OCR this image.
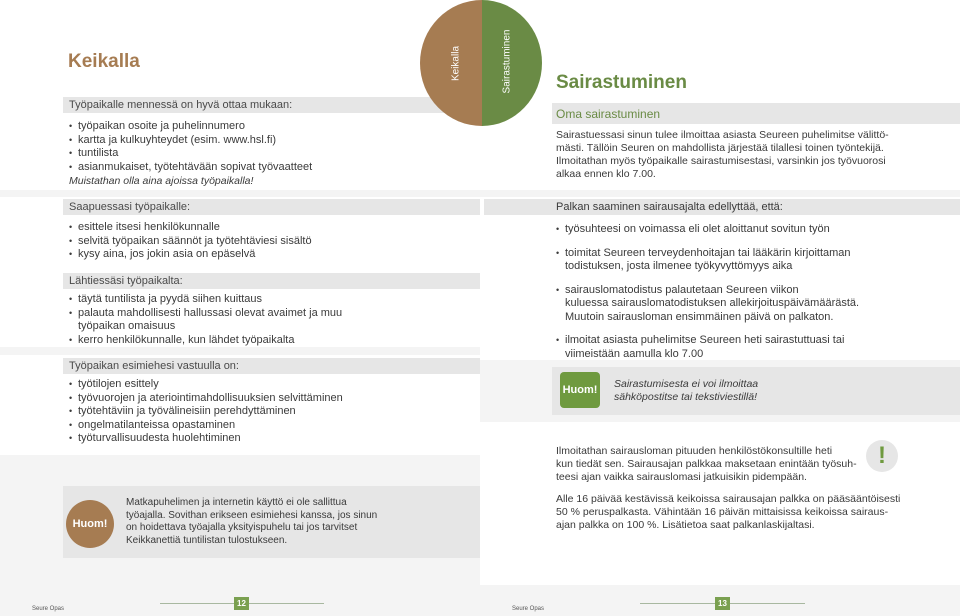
Keikalla
Työpaikalle mennessä on hyvä ottaa mukaan:
• työpaikan osoite ja puhelinnumero
• kartta ja kulkuyhteydet (esim. www.hsl.fi)
• tuntilista
• asianmukaiset, työtehtävään sopivat työvaatteet
Muistathan olla aina ajoissa työpaikalla!
Saapuessasi työpaikalle:
• esittele itsesi henkilökunnalle
• selvitä työpaikan säännöt ja työtehtäviesi sisältö
• kysy aina, jos jokin asia on epäselvä
Lähtiessäsi työpaikalta:
• täytä tuntilista ja pyydä siihen kuittaus
• palauta mahdollisesti hallussasi olevat avaimet ja muu työpaikan omaisuus
• kerro henkilökunnalle, kun lähdet työpaikalta
Työpaikan esimiehesi vastuulla on:
• työtilojen esittely
• työvuorojen ja ateriointimahdollisuuksien selvittäminen
• työtehtäviin ja työvälineisiin perehdyttäminen
• ongelmatilanteissa opastaminen
• työturvallisuudesta huolehtiminen
Huom!
Matkapuhelimen ja internetin käyttö ei ole sallittua
työajalla. Sovithan erikseen esimiehesi kanssa, jos sinun
on hoidettava työajalla yksityispuhelu tai jos tarvitset
Keikkanettiä tuntilistan tulostukseen.
Seure Opas
12
Sairastuminen
Oma sairastuminen
Sairastuessasi sinun tulee ilmoittaa asiasta Seureen puhelimitse välittö-
mästi. Tällöin Seuren on mahdollista järjestää tilallesi toinen työntekijä.
Ilmoitathan myös työpaikalle sairastumisestasi, varsinkin jos työvuorosi
alkaa ennen klo 7.00.
Palkan saaminen sairausajalta edellyttää, että:
• työsuhteesi on voimassa eli olet aloittanut sovitun työn
• toimitat Seureen terveydenhoitajan tai lääkärin kirjoittaman
todistuksen, josta ilmenee työkyvyttömyys aika
• sairauslomatodistus palautetaan Seureen viikon
kuluessa sairauslomatodistuksen allekirjoituspäivämäärästä.
Muutoin sairausloman ensimmäinen päivä on palkaton.
• ilmoitat asiasta puhelimitse Seureen heti sairastuttuasi tai
viimeistään aamulla klo 7.00
Huom! Sairastumisesta ei voi ilmoittaa
sähköpostitse tai tekstiviestillä!
Ilmoitathan sairausloman pituuden henkilöstökonsultille heti
kun tiedät sen. Sairausajan palkkaa maksetaan enintään työsuh-
teesi ajan vaikka sairauslomasi jatkuisikin pidempään.
!
Alle 16 päivää kestävissä keikoissa sairausajan palkka on pääsääntöisesti
50 % peruspalkasta. Vähintään 16 päivän mittaisissa keikoissa sairaus-
ajan palkka on 100 %. Lisätietoa saat palkanlaskijaltasi.
Seure Opas
13
Keikalla	Sairastuminen
